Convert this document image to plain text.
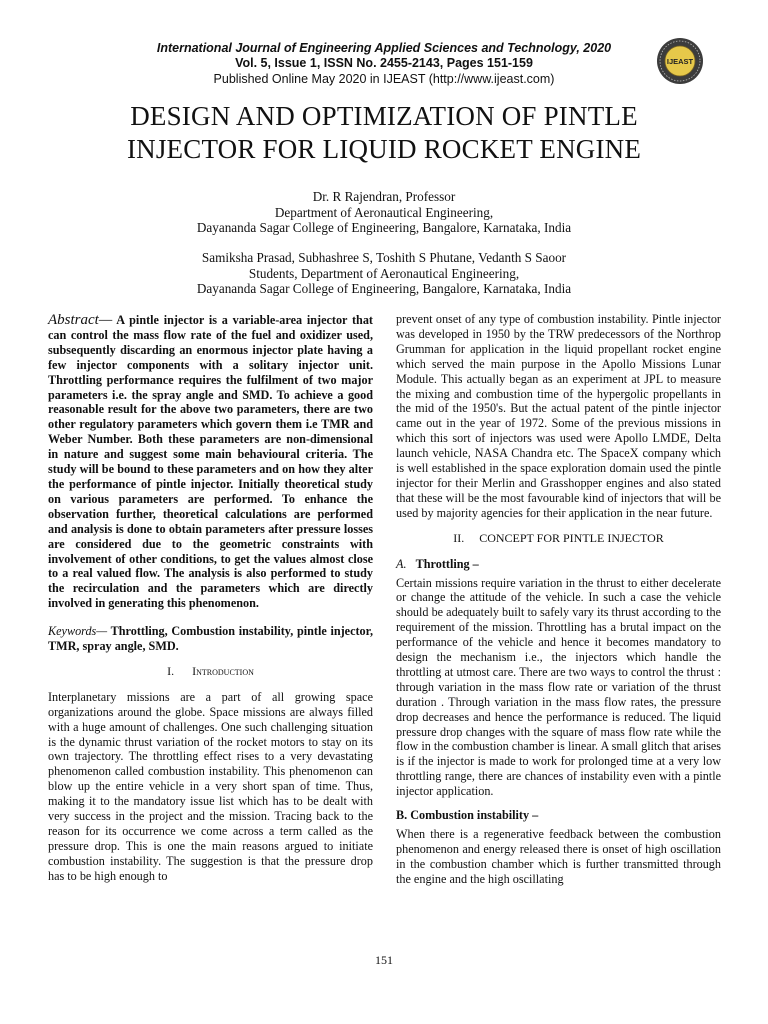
International Journal of Engineering Applied Sciences and Technology, 2020
Vol. 5, Issue 1, ISSN No. 2455-2143, Pages 151-159
Published Online May 2020 in IJEAST (http://www.ijeast.com)
IJEAST
DESIGN AND OPTIMIZATION OF PINTLE
INJECTOR FOR LIQUID ROCKET ENGINE
Dr. R Rajendran, Professor
Department of Aeronautical Engineering,
Dayananda Sagar College of Engineering, Bangalore, Karnataka, India
Samiksha Prasad, Subhashree S, Toshith S Phutane, Vedanth S Saoor
Students, Department of Aeronautical Engineering,
Dayananda Sagar College of Engineering, Bangalore, Karnataka, India

Abstract— A pintle injector is a variable-area injector that can control the mass flow rate of the fuel and oxidizer used, subsequently discarding an enormous injector plate having a few injector components with a solitary injector unit. Throttling performance requires the fulfilment of two major parameters i.e. the spray angle and SMD. To achieve a good reasonable result for the above two parameters, there are two other regulatory parameters which govern them i.e TMR and Weber Number. Both these parameters are non-dimensional in nature and suggest some main behavioural criteria. The study will be bound to these parameters and on how they alter the performance of pintle injector. Initially theoretical study on various parameters are performed. To enhance the observation further, theoretical calculations are performed and analysis is done to obtain parameters after pressure losses are considered due to the geometric constraints with involvement of other conditions, to get the values almost close to a real valued flow. The analysis is also performed to study the recirculation and the parameters which are directly involved in generating this phenomenon.

Keywords— Throttling, Combustion instability, pintle injector, TMR, spray angle, SMD.

I. Introduction

Interplanetary missions are a part of all growing space organizations around the globe. Space missions are always filled with a huge amount of challenges. One such challenging situation is the dynamic thrust variation of the rocket motors to stay on its own trajectory. The throttling effect rises to a very devastating phenomenon called combustion instability. This phenomenon can blow up the entire vehicle in a very short span of time. Thus, making it to the mandatory issue list which has to be dealt with very success in the project and the mission. Tracing back to the reason for its occurrence we come across a term called as the pressure drop. This is one the main reasons argued to initiate combustion instability. The suggestion is that the pressure drop has to be high enough to

prevent onset of any type of combustion instability. Pintle injector was developed in 1950 by the TRW predecessors of the Northrop Grumman for application in the liquid propellant rocket engine which served the main purpose in the Apollo Missions Lunar Module. This actually began as an experiment at JPL to measure the mixing and combustion time of the hypergolic propellants in the mid of the 1950's. But the actual patent of the pintle injector came out in the year of 1972. Some of the previous missions in which this sort of injectors was used were Apollo LMDE, Delta launch vehicle, NASA Chandra etc. The SpaceX company which is well established in the space exploration domain used the pintle injector for their Merlin and Grasshopper engines and also stated that these will be the most favourable kind of injectors that will be used by majority agencies for their application in the near future.

II. CONCEPT FOR PINTLE INJECTOR

A. Throttling –

Certain missions require variation in the thrust to either decelerate or change the attitude of the vehicle. In such a case the vehicle should be adequately built to safely vary its thrust according to the requirement of the mission. Throttling has a brutal impact on the performance of the vehicle and hence it becomes mandatory to design the mechanism i.e., the injectors which handle the throttling at utmost care. There are two ways to control the thrust : through variation in the mass flow rate or variation of the thrust duration . Through variation in the mass flow rates, the pressure drop decreases and hence the performance is reduced. The liquid pressure drop changes with the square of mass flow rate while the flow in the combustion chamber is linear. A small glitch that arises is if the injector is made to work for prolonged time at a very low throttling range, there are chances of instability even with a pintle injector application.

B. Combustion instability –

When there is a regenerative feedback between the combustion phenomenon and energy released there is onset of high oscillation in the combustion chamber which is further transmitted through the engine and the high oscillating

151
